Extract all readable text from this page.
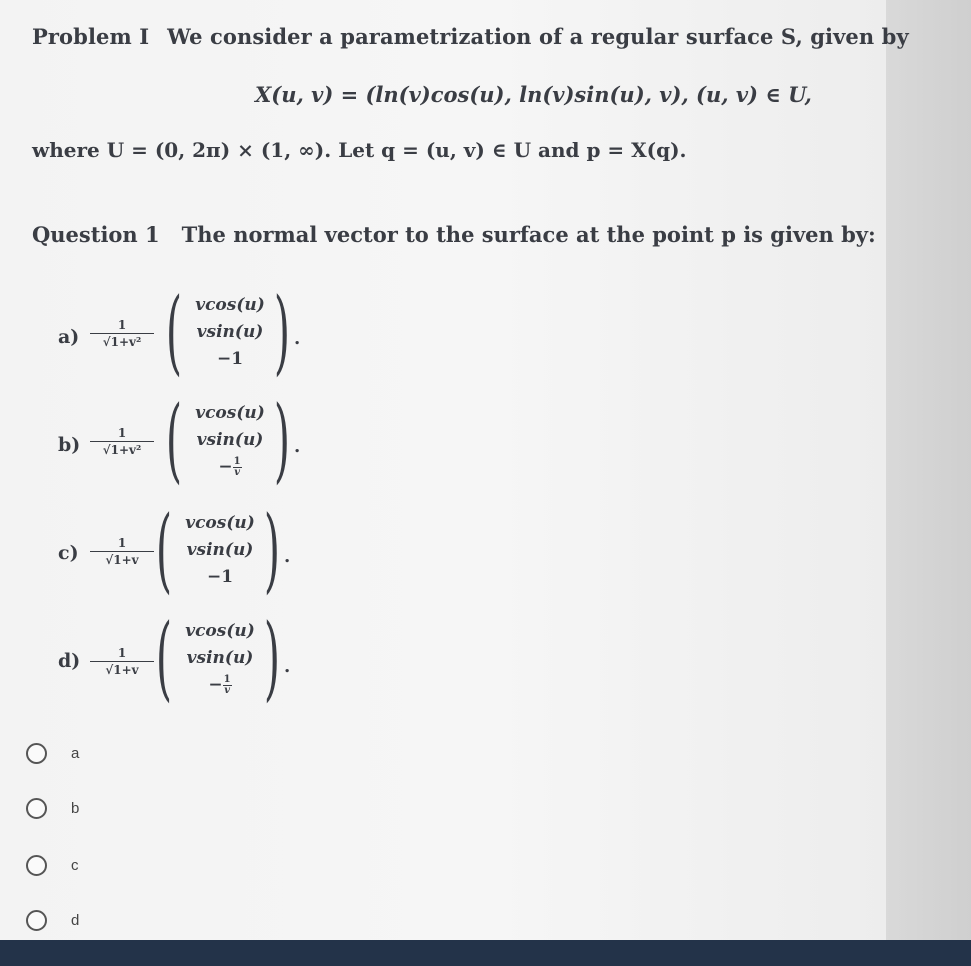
Problem I We consider a parametrization of a regular surface S, given by
X(u, v) = (ln(v)cos(u), ln(v)sin(u), v), (u, v) ∈ U,
where U = (0, 2π) × (1, ∞). Let q = (u, v) ∈ U and p = X(q).
Question 1 The normal vector to the surface at the point p is given by:
$a) \frac{1}{\text{√1+v²}}$ ( vcos(u)
vsin(u)
−1 ) .
$b) \frac{1}{\text{√1+v²}}$ ( vcos(u)
vsin(u)
− $\frac{1}{v}$ ) .
$c) \frac{1}{√1+v}$ ( vcos(u)
vsin(u)
−1 ) .
$d) \frac{1}{√1+v}$ ( vcos(u)
vsin(u)
− $\frac{1}{v}$ ) .
a
b
c
d
